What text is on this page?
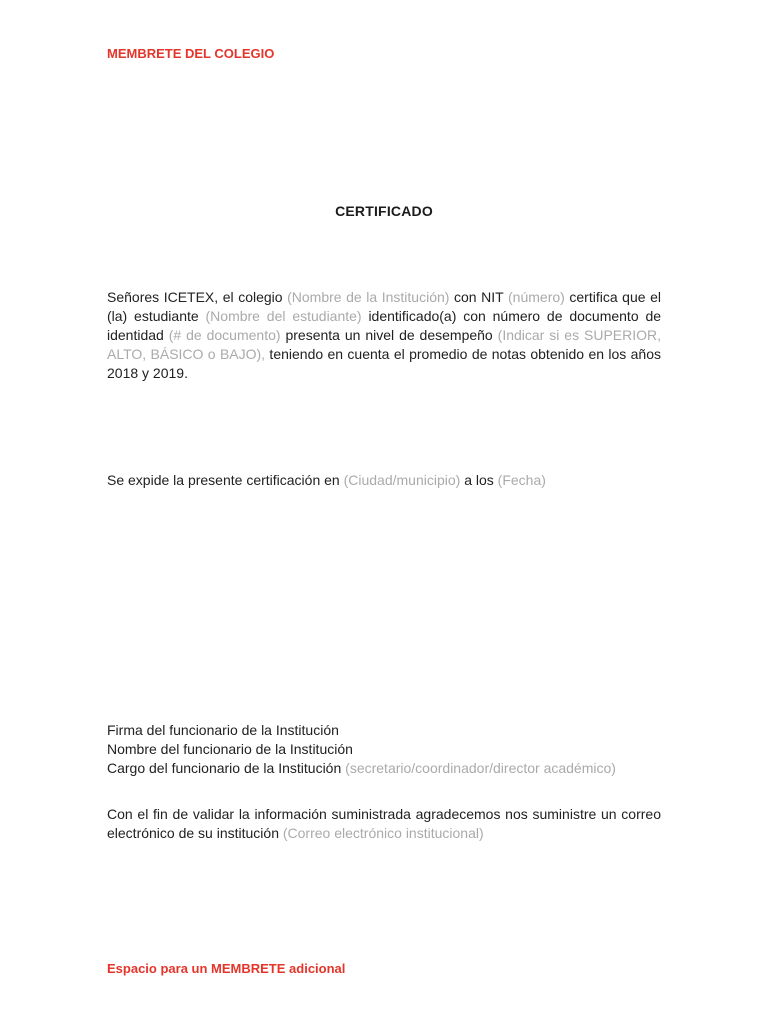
MEMBRETE DEL COLEGIO
CERTIFICADO

Señores ICETEX, el colegio (Nombre de la Institución) con NIT (número) certifica que el (la) estudiante (Nombre del estudiante) identificado(a) con número de documento de identidad (# de documento) presenta un nivel de desempeño (Indicar si es SUPERIOR, ALTO, BÁSICO o BAJO), teniendo en cuenta el promedio de notas obtenido en los años 2018 y 2019.

Se expide la presente certificación en (Ciudad/municipio) a los (Fecha)

Firma del funcionario de la Institución

Nombre del funcionario de la Institución

Cargo del funcionario de la Institución (secretario/coordinador/director académico)

Con el fin de validar la información suministrada agradecemos nos suministre un correo electrónico de su institución (Correo electrónico institucional)

Espacio para un MEMBRETE adicional
